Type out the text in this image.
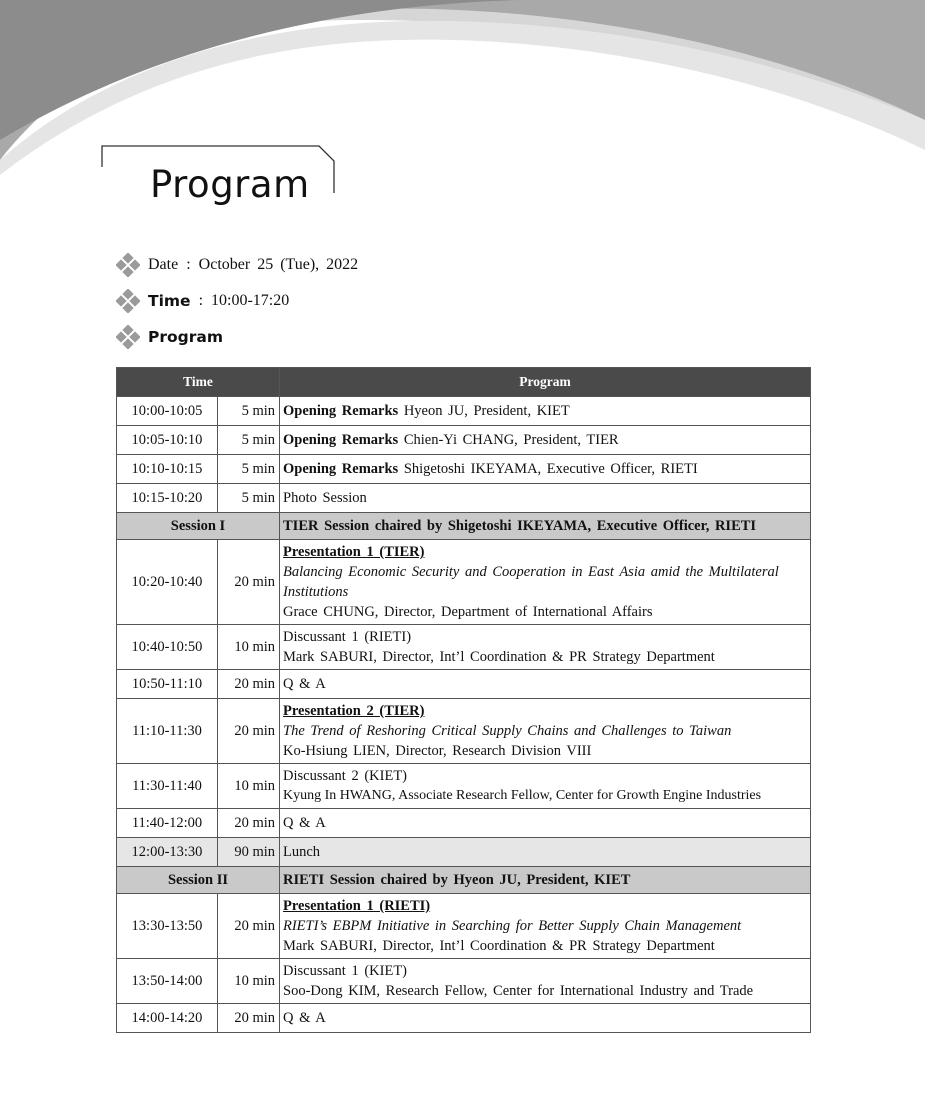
Program
Date : October 25 (Tue), 2022
Time : 10:00-17:20
Program
Time		Program
10:00-10:05	5 min	Opening Remarks Hyeon JU, President, KIET
10:05-10:10	5 min	Opening Remarks Chien-Yi CHANG, President, TIER
10:10-10:15	5 min	Opening Remarks Shigetoshi IKEYAMA, Executive Officer, RIETI
10:15-10:20	5 min	Photo Session
Session I		TIER Session chaired by Shigetoshi IKEYAMA, Executive Officer, RIETI
10:20-10:40	20 min	Presentation 1 (TIER)
Balancing Economic Security and Cooperation in East Asia amid the Multilateral Institutions
Grace CHUNG, Director, Department of International Affairs

10:40-10:50	10 min	Discussant 1 (RIETI)
Mark SABURI, Director, Int’l Coordination & PR Strategy Department

10:50-11:10	20 min	Q & A
11:10-11:30	20 min	Presentation 2 (TIER)
The Trend of Reshoring Critical Supply Chains and Challenges to Taiwan
Ko-Hsiung LIEN, Director, Research Division VIII

11:30-11:40	10 min	Discussant 2 (KIET)
Kyung In HWANG, Associate Research Fellow, Center for Growth Engine Industries

11:40-12:00	20 min	Q & A
12:00-13:30	90 min	Lunch
Session II		RIETI Session chaired by Hyeon JU, President, KIET
13:30-13:50	20 min	Presentation 1 (RIETI)
RIETI’s EBPM Initiative in Searching for Better Supply Chain Management
Mark SABURI, Director, Int’l Coordination & PR Strategy Department

13:50-14:00	10 min	Discussant 1 (KIET)
Soo-Dong KIM, Research Fellow, Center for International Industry and Trade

14:00-14:20	20 min	Q & A
